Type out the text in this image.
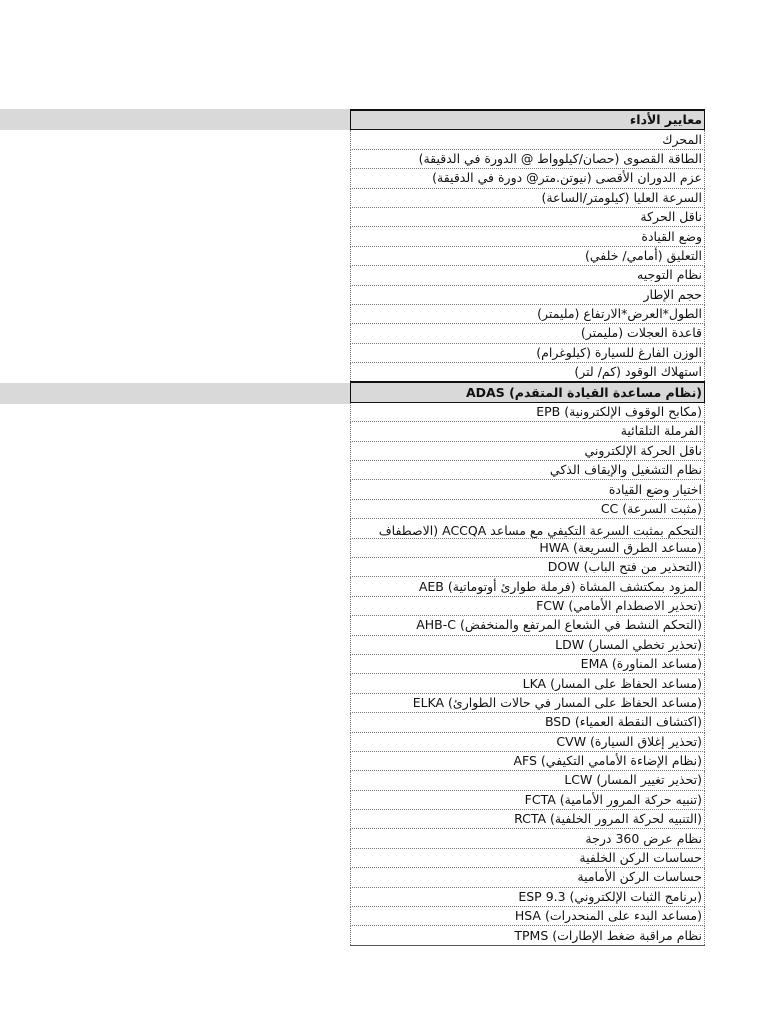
معايير الأداء
المحرك
الطاقة القصوى (حصان/كيلوواط @ الدورة في الدقيقة)
عزم الدوران الأقصى (نيوتن.متر@ دورة في الدقيقة)
السرعة العليا (كيلومتر/الساعة)
ناقل الحركة
وضع القيادة
التعليق (أمامي/ خلفي)
نظام التوجيه
حجم الإطار
الطول*العرض*الارتفاع (مليمتر)
قاعدة العجلات (مليمتر)
الوزن الفارغ للسيارة (كيلوغرام)
استهلاك الوقود (كم/ لتر)
(نظام مساعدة القيادة المتقدم) ADAS
(مكابح الوقوف الإلكترونية) EPB
الفرملة التلقائية
ناقل الحركة الإلكتروني
نظام التشغيل والإيقاف الذكي
اختيار وضع القيادة
(مثبت السرعة) CC

التحكم بمثبت السرعة التكيفي مع مساعد ACCQA (الاصطفاف

(مساعد الطرق السريعة) HWA
(التحذير من فتح الباب) DOW
المزود بمكتشف المشاة (فرملة طوارئ أوتوماتية) AEB
(تحذير الاصطدام الأمامي) FCW
(التحكم النشط في الشعاع المرتفع والمنخفض) AHB-C
(تحذير تخطي المسار) LDW
(مساعد المناورة) EMA
(مساعد الحفاظ على المسار) LKA
(مساعد الحفاظ على المسار في حالات الطوارئ) ELKA
(اكتشاف النقطة العمياء) BSD
(تحذير إغلاق السيارة) CVW
(نظام الإضاءة الأمامي التكيفي) AFS
(تحذير تغيير المسار) LCW
(تنبيه حركة المرور الأمامية) FCTA
(التنبيه لحركة المرور الخلفية) RCTA
نظام عرض 360 درجة
حساسات الركن الخلفية
حساسات الركن الأمامية
(برنامج الثبات الإلكتروني) ESP 9.3
(مساعد البدء على المنحدرات) HSA
نظام مراقبة ضغط الإطارات) TPMS
